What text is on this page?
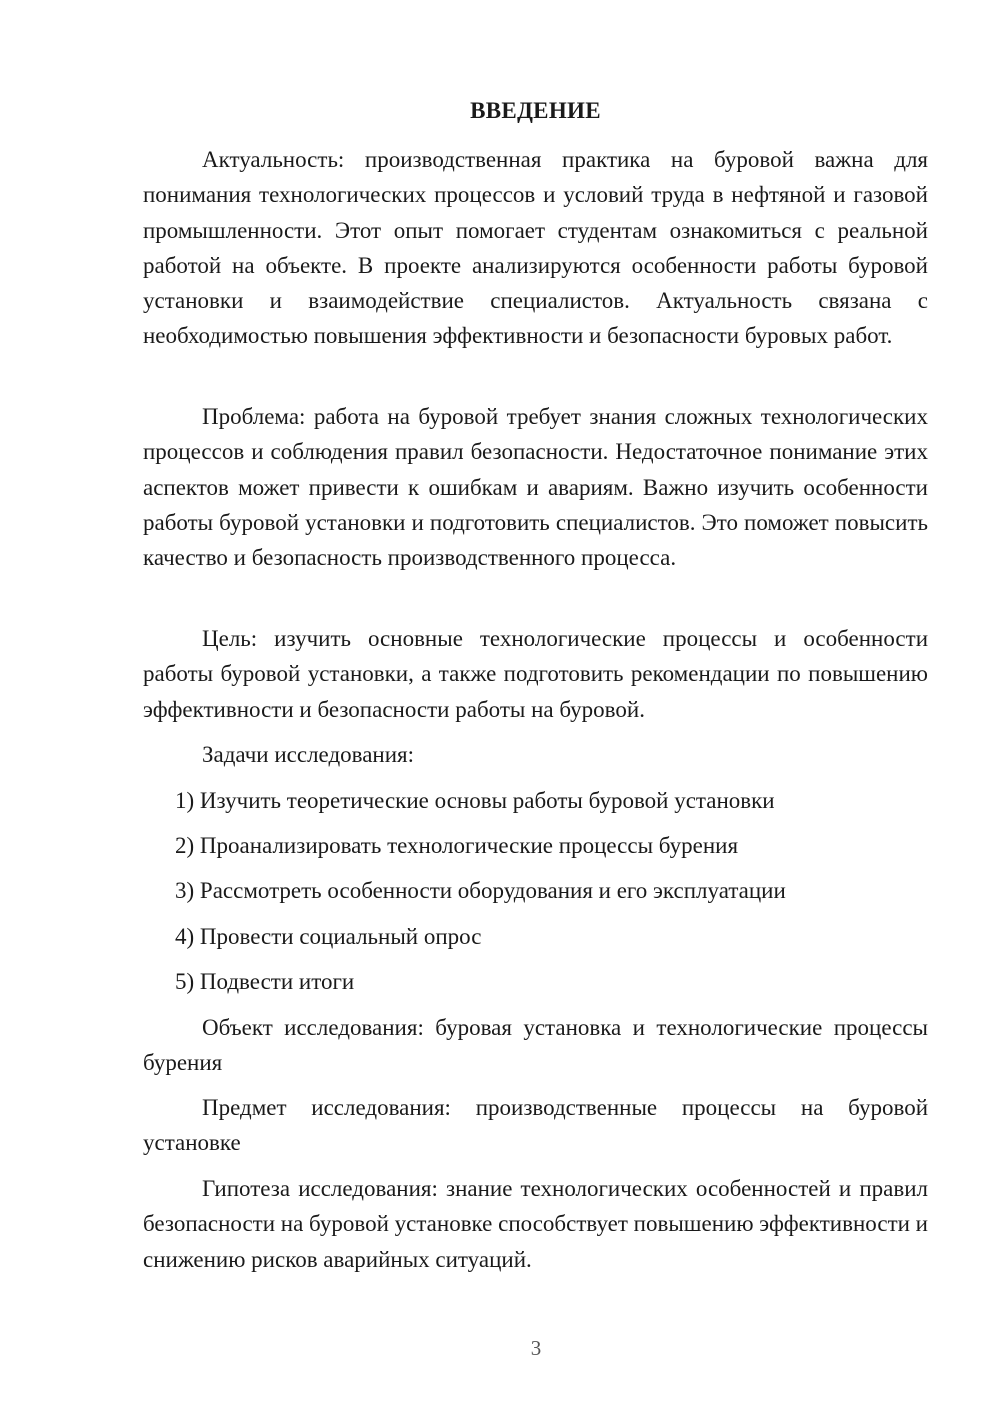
ВВЕДЕНИЕ

Актуальность: производственная практика на буровой важна для понимания технологических процессов и условий труда в нефтяной и газовой промышленности. Этот опыт помогает студентам ознакомиться с реальной работой на объекте. В проекте анализируются особенности работы буровой установки и взаимодействие специалистов. Актуальность связана с необходимостью повышения эффективности и безопасности буровых работ.

Проблема: работа на буровой требует знания сложных технологических процессов и соблюдения правил безопасности. Недостаточное понимание этих аспектов может привести к ошибкам и авариям. Важно изучить особенности работы буровой установки и подготовить специалистов. Это поможет повысить качество и безопасность производственного процесса.

Цель: изучить основные технологические процессы и особенности работы буровой установки, а также подготовить рекомендации по повышению эффективности и безопасности работы на буровой.

Задачи исследования:

1) Изучить теоретические основы работы буровой установки

2) Проанализировать технологические процессы бурения

3) Рассмотреть особенности оборудования и его эксплуатации

4) Провести социальный опрос

5) Подвести итоги

Объект исследования: буровая установка и технологические процессы бурения

Предмет исследования: производственные процессы на буровой установке

Гипотеза исследования: знание технологических особенностей и правил безопасности на буровой установке способствует повышению эффективности и снижению рисков аварийных ситуаций.

3
